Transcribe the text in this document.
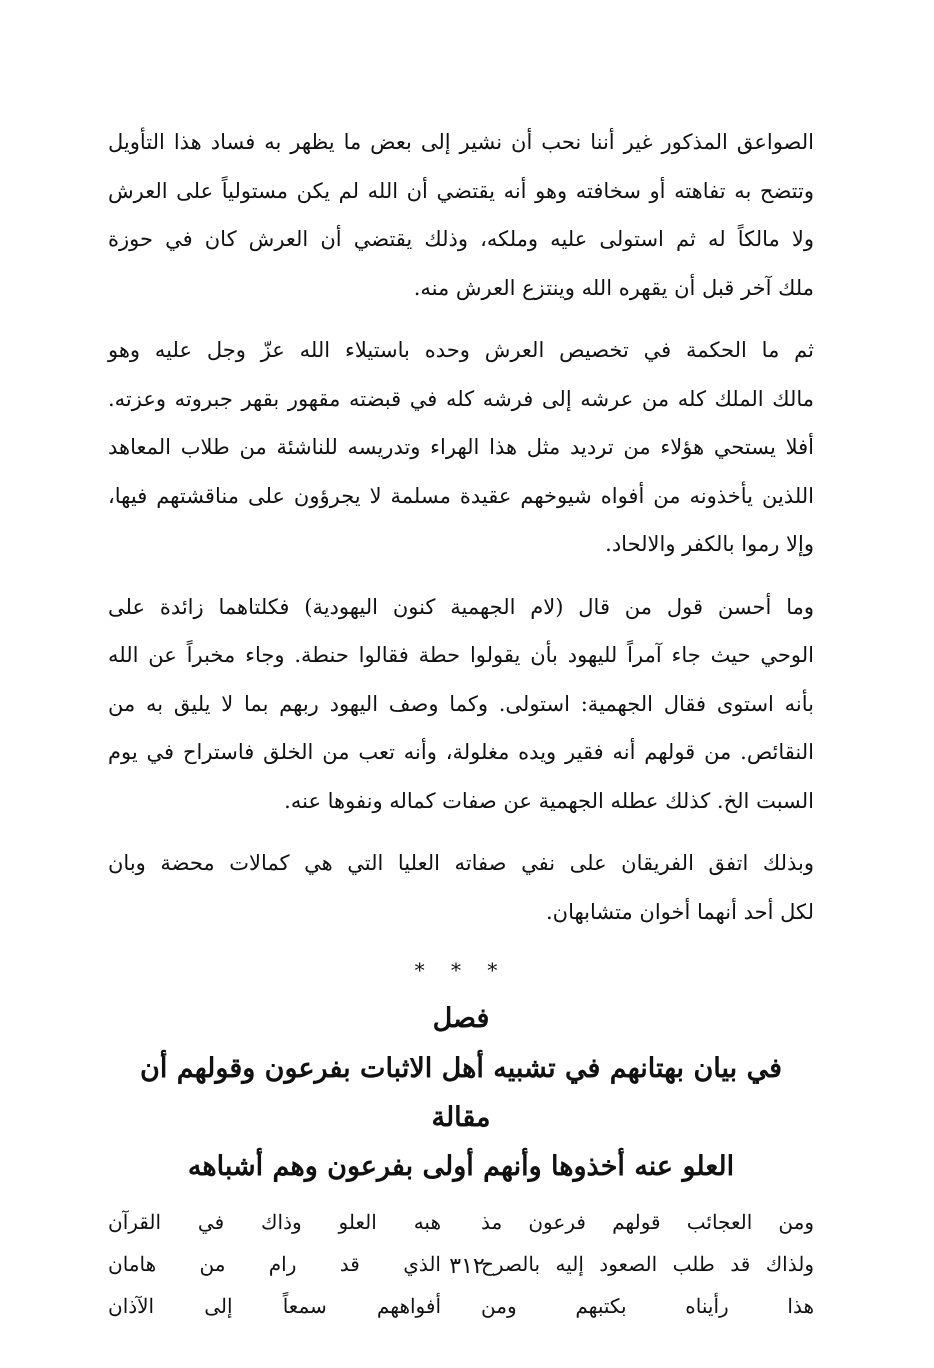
الصواعق المذكور غير أننا نحب أن نشير إلى بعض ما يظهر به فساد هذا التأويل
وتتضح به تفاهته أو سخافته وهو أنه يقتضي أن الله لم يكن مستولياً على العرش
ولا مالكاً له ثم استولى عليه وملكه، وذلك يقتضي أن العرش كان في حوزة
ملك آخر قبل أن يقهره الله وينتزع العرش منه.
ثم ما الحكمة في تخصيص العرش وحده باستيلاء الله عزّ وجل عليه وهو
مالك الملك كله من عرشه إلى فرشه كله في قبضته مقهور بقهر جبروته وعزته.
أفلا يستحي هؤلاء من ترديد مثل هذا الهراء وتدريسه للناشئة من طلاب المعاهد
اللذين يأخذونه من أفواه شيوخهم عقيدة مسلمة لا يجرؤون على مناقشتهم فيها،
وإلا رموا بالكفر والالحاد.
وما أحسن قول من قال (لام الجهمية كنون اليهودية) فكلتاهما زائدة على
الوحي حيث جاء آمراً لليهود بأن يقولوا حطة فقالوا حنطة. وجاء مخبراً عن الله
بأنه استوى فقال الجهمية: استولى. وكما وصف اليهود ربهم بما لا يليق به من
النقائص. من قولهم أنه فقير ويده مغلولة، وأنه تعب من الخلق فاستراح في يوم
السبت الخ. كذلك عطله الجهمية عن صفات كماله ونفوها عنه.
وبذلك اتفق الفريقان على نفي صفاته العليا التي هي كمالات محضة وبان
لكل أحد أنهما أخوان متشابهان.
* * *
فصل
في بيان بهتانهم في تشبيه أهل الاثبات بفرعون وقولهم أن مقالة
العلو عنه أخذوها وأنهم أولى بفرعون وهم أشباهه
ومن العجائب قولهم فرعون مذ
هبه العلو وذاك في القرآن
ولذاك قد طلب الصعود إليه بالصرح
الذي قد رام من هامان
هذا رأيناه بكتبهم ومن
أفواههم سمعاً إلى الآذان
٣١٢
